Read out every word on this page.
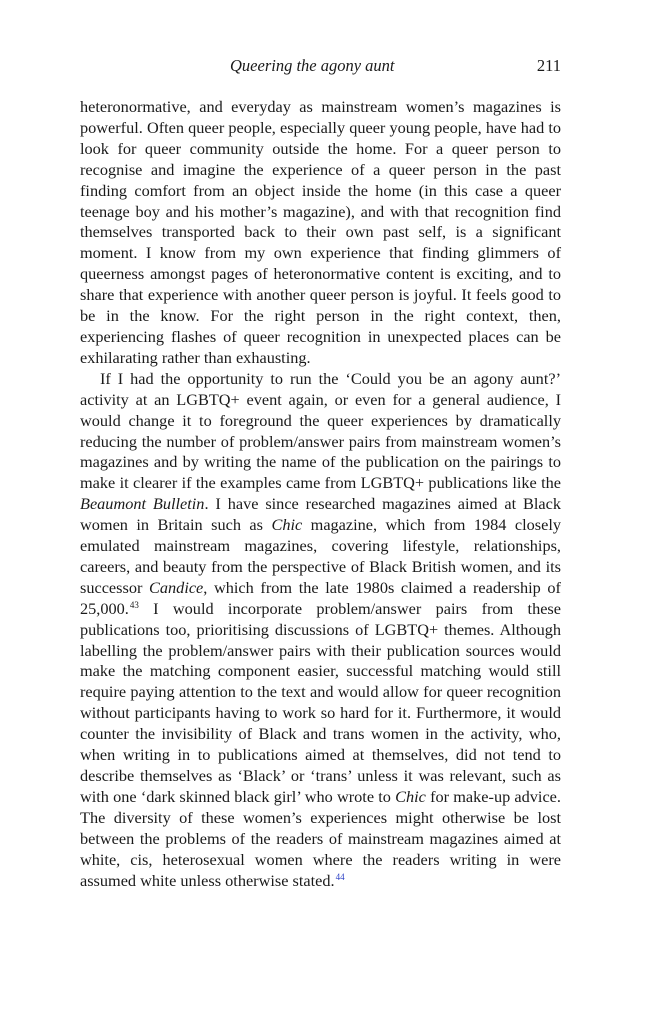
Queering the agony aunt	211

heteronormative, and everyday as mainstream women’s magazines is powerful. Often queer people, especially queer young people, have had to look for queer community outside the home. For a queer person to recognise and imagine the experience of a queer person in the past finding comfort from an object inside the home (in this case a queer teenage boy and his mother’s magazine), and with that recognition find themselves transported back to their own past self, is a significant moment. I know from my own experience that finding glimmers of queerness amongst pages of heteronormative content is exciting, and to share that experience with another queer person is joyful. It feels good to be in the know. For the right person in the right context, then, experiencing flashes of queer recognition in unexpected places can be exhilarating rather than exhausting.

If I had the opportunity to run the ‘Could you be an agony aunt?’ activity at an LGBTQ+ event again, or even for a general audience, I would change it to foreground the queer experiences by dramatically reducing the number of problem/answer pairs from mainstream women’s magazines and by writing the name of the publication on the pairings to make it clearer if the examples came from LGBTQ+ publications like the Beaumont Bulletin. I have since researched magazines aimed at Black women in Britain such as Chic magazine, which from 1984 closely emulated mainstream magazines, covering lifestyle, relationships, careers, and beauty from the perspective of Black British women, and its successor Candice, which from the late 1980s claimed a readership of 25,000.43 I would incorporate problem/answer pairs from these publications too, prioritising discussions of LGBTQ+ themes. Although labelling the problem/answer pairs with their publication sources would make the matching component easier, successful matching would still require paying attention to the text and would allow for queer recognition without participants having to work so hard for it. Furthermore, it would counter the invisibility of Black and trans women in the activity, who, when writing in to publications aimed at themselves, did not tend to describe themselves as ‘Black’ or ‘trans’ unless it was relevant, such as with one ‘dark skinned black girl’ who wrote to Chic for make-up advice. The diversity of these women’s experiences might otherwise be lost between the problems of the readers of mainstream magazines aimed at white, cis, heterosexual women where the readers writing in were assumed white unless otherwise stated.$^{44}$
